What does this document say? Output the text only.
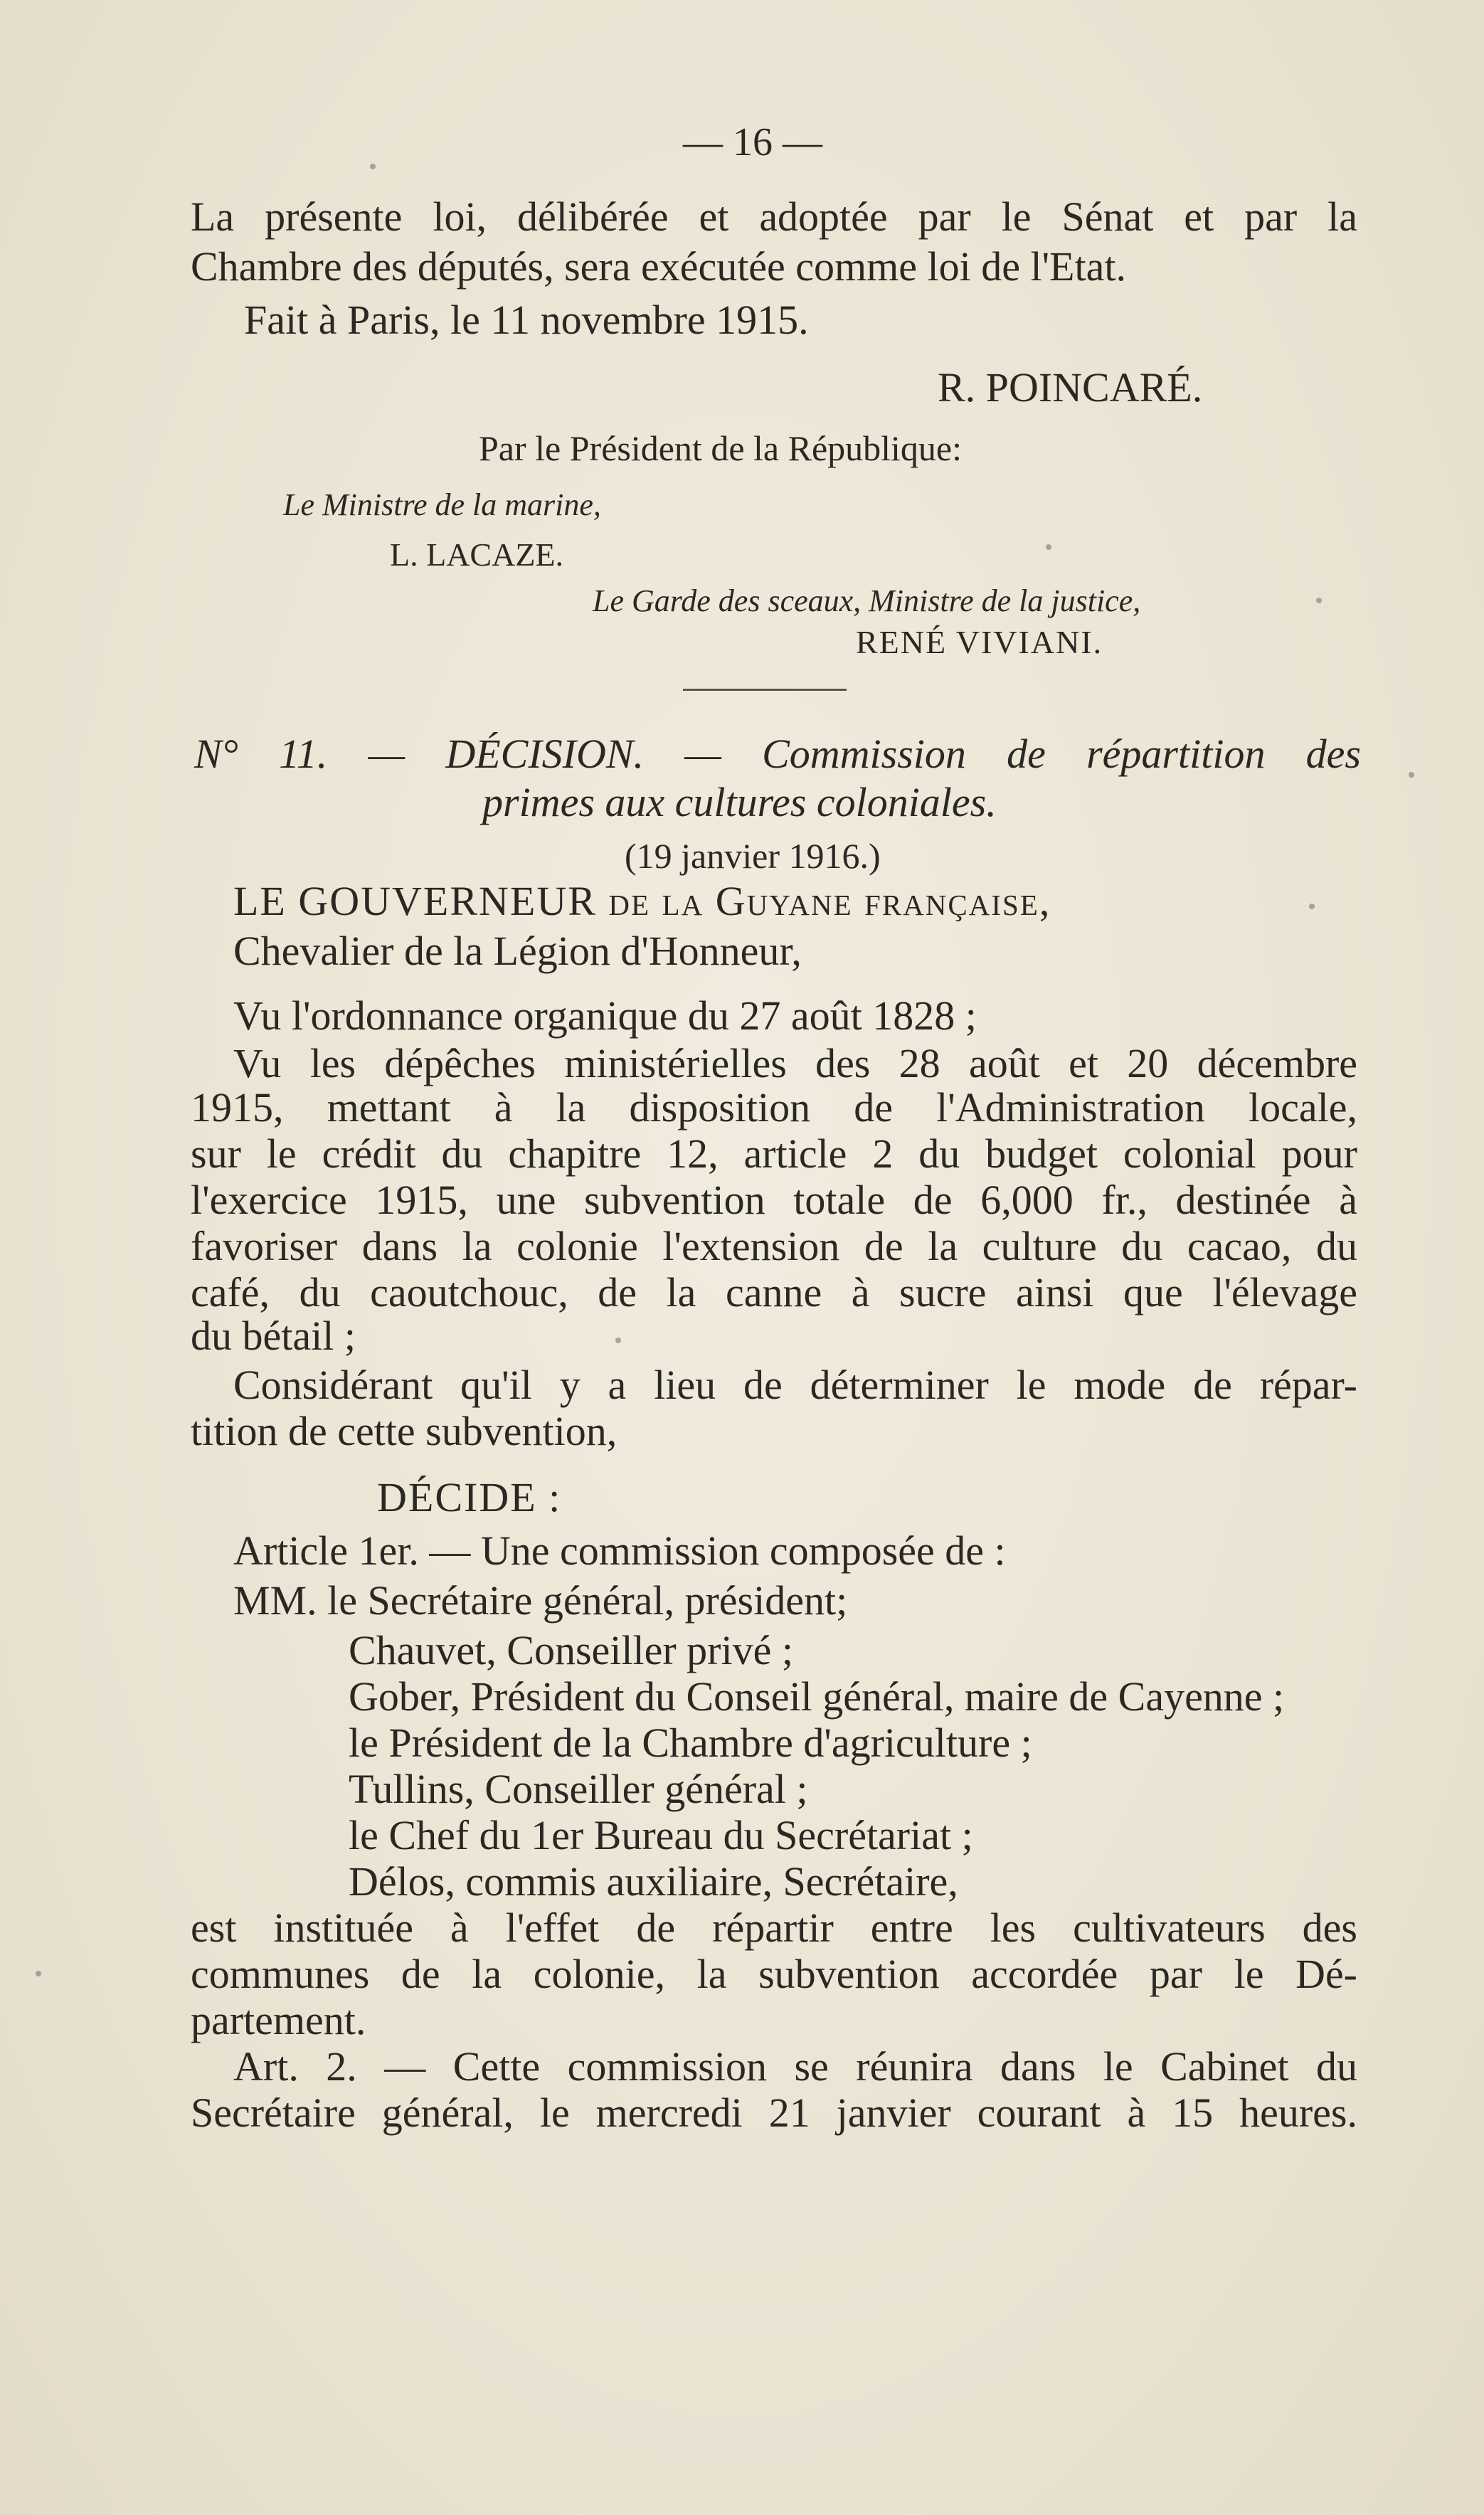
— 16 —
La présente loi, délibérée et adoptée par le Sénat et par la
Chambre des députés, sera exécutée comme loi de l'Etat.
Fait à Paris, le 11 novembre 1915.
R. POINCARÉ.
Par le Président de la République:
Le Ministre de la marine,
L. LACAZE.
Le Garde des sceaux, Ministre de la justice,
RENÉ VIVIANI.
N° 11. — DÉCISION. — Commission de répartition des
primes aux cultures coloniales.
(19 janvier 1916.)
LE GOUVERNEUR de la Guyane française,
Chevalier de la Légion d'Honneur,
Vu l'ordonnance organique du 27 août 1828 ;
Vu les dépêches ministérielles des 28 août et 20 décembre
1915, mettant à la disposition de l'Administration locale,
sur le crédit du chapitre 12, article 2 du budget colonial pour
l'exercice 1915, une subvention totale de 6,000 fr., destinée à
favoriser dans la colonie l'extension de la culture du cacao, du
café, du caoutchouc, de la canne à sucre ainsi que l'élevage
du bétail ;
Considérant qu'il y a lieu de déterminer le mode de répar-
tition de cette subvention,
DÉCIDE :
Article 1er. — Une commission composée de :
MM. le Secrétaire général, président;
Chauvet, Conseiller privé ;
Gober, Président du Conseil général, maire de Cayenne ;
le Président de la Chambre d'agriculture ;
Tullins, Conseiller général ;
le Chef du 1er Bureau du Secrétariat ;
Délos, commis auxiliaire, Secrétaire,
est instituée à l'effet de répartir entre les cultivateurs des
communes de la colonie, la subvention accordée par le Dé-
partement.
Art. 2. — Cette commission se réunira dans le Cabinet du
Secrétaire général, le mercredi 21 janvier courant à 15 heures.
